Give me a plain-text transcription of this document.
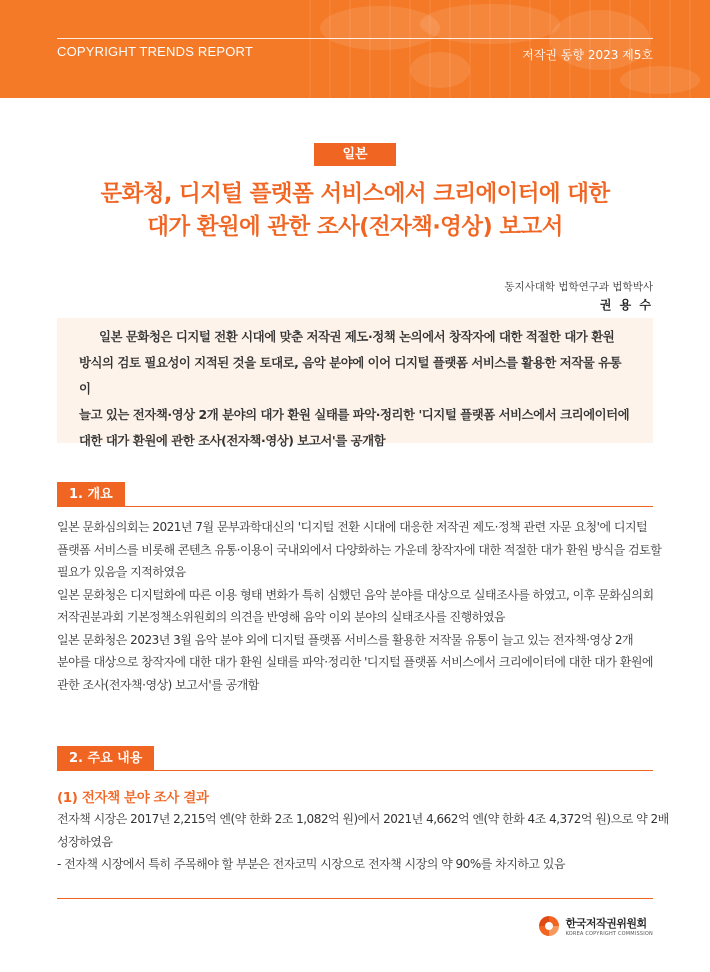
COPYRIGHT TRENDS REPORT	저작권 동향 2023 제5호
일본
문화청, 디지털 플랫폼 서비스에서 크리에이터에 대한
대가 환원에 관한 조사(전자책·영상) 보고서
동지사대학 법학연구과 법학박사
권 용 수

일본 문화청은 디지털 전환 시대에 맞춘 저작권 제도·정책 논의에서 창작자에 대한 적절한 대가 환원

방식의 검토 필요성이 지적된 것을 토대로, 음악 분야에 이어 디지털 플랫폼 서비스를 활용한 저작물 유통이

늘고 있는 전자책·영상 2개 분야의 대가 환원 실태를 파악·정리한 '디지털 플랫폼 서비스에서 크리에이터에

대한 대가 환원에 관한 조사(전자책·영상) 보고서'를 공개함

1. 개요

일본 문화심의회는 2021년 7월 문부과학대신의 '디지털 전환 시대에 대응한 저작권 제도·정책 관련 자문 요청'에 디지털

플랫폼 서비스를 비롯해 콘텐츠 유통·이용이 국내외에서 다양화하는 가운데 창작자에 대한 적절한 대가 환원 방식을 검토할

필요가 있음을 지적하였음

일본 문화청은 디지털화에 따른 이용 형태 변화가 특히 심했던 음악 분야를 대상으로 실태조사를 하였고, 이후 문화심의회

저작권분과회 기본정책소위원회의 의견을 반영해 음악 이외 분야의 실태조사를 진행하였음

일본 문화청은 2023년 3월 음악 분야 외에 디지털 플랫폼 서비스를 활용한 저작물 유통이 늘고 있는 전자책·영상 2개

분야를 대상으로 창작자에 대한 대가 환원 실태를 파악·정리한 '디지털 플랫폼 서비스에서 크리에이터에 대한 대가 환원에

관한 조사(전자책·영상) 보고서'를 공개함

2. 주요 내용
(1) 전자책 분야 조사 결과

전자책 시장은 2017년 2,215억 엔(약 한화 2조 1,082억 원)에서 2021년 4,662억 엔(약 한화 4조 4,372억 원)으로 약 2배

성장하였음

- 전자책 시장에서 특히 주목해야 할 부분은 전자코믹 시장으로 전자책 시장의 약 90%를 차지하고 있음

한국저작권위원회
KOREA COPYRIGHT COMMISSION
